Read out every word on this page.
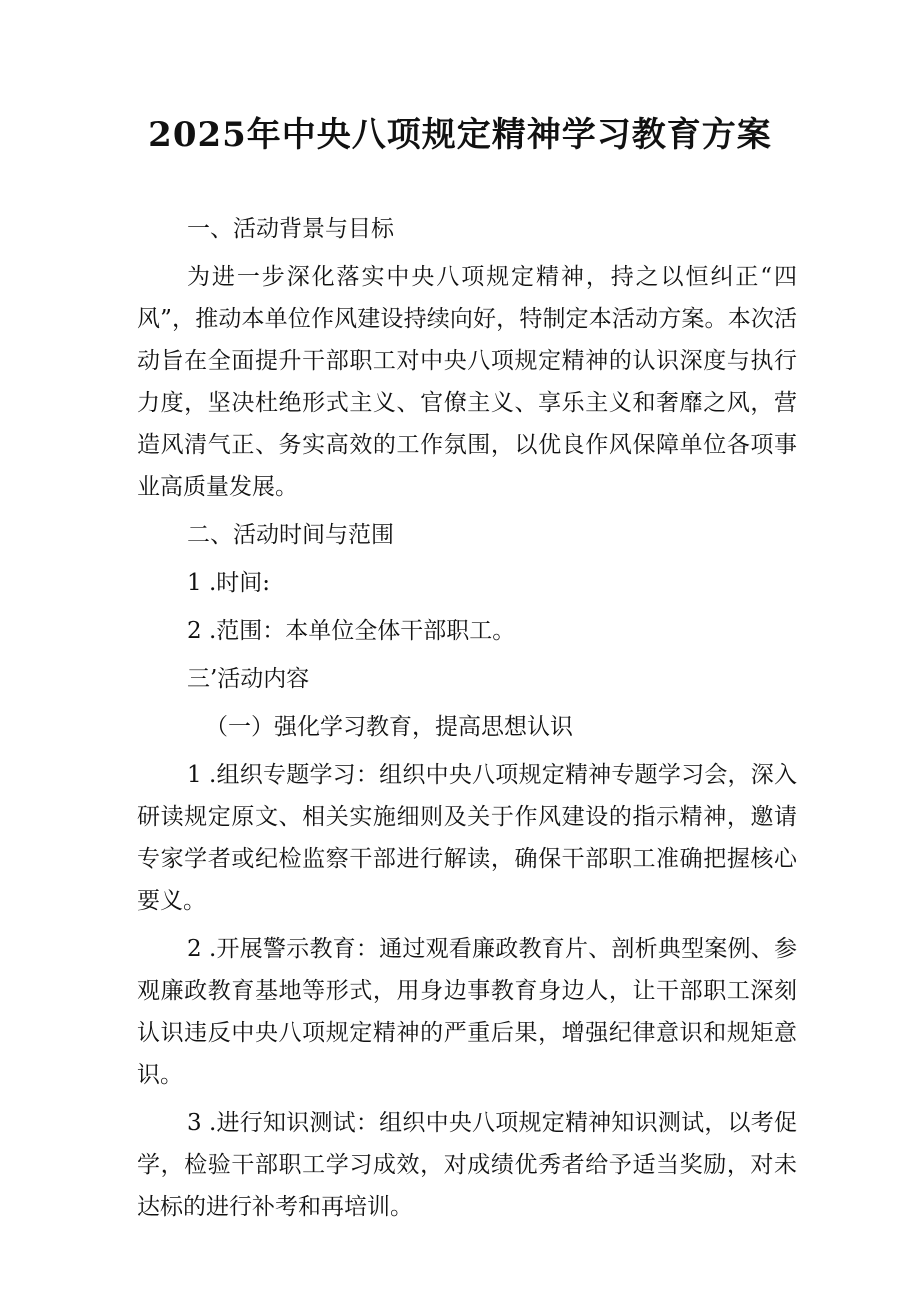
2025年中央八项规定精神学习教育方案

一、活动背景与目标

为进一步深化落实中央八项规定精神，持之以恒纠正“四风”，推动本单位作风建设持续向好，特制定本活动方案。本次活动旨在全面提升干部职工对中央八项规定精神的认识深度与执行力度，坚决杜绝形式主义、官僚主义、享乐主义和奢靡之风，营造风清气正、务实高效的工作氛围，以优良作风保障单位各项事业高质量发展。

二、活动时间与范围

1 .时间:

2 .范围：本单位全体干部职工。

三’活动内容

（一）强化学习教育，提高思想认识

1 .组织专题学习：组织中央八项规定精神专题学习会，深入研读规定原文、相关实施细则及关于作风建设的指示精神，邀请专家学者或纪检监察干部进行解读，确保干部职工准确把握核心要义。

2 .开展警示教育：通过观看廉政教育片、剖析典型案例、参观廉政教育基地等形式，用身边事教育身边人，让干部职工深刻认识违反中央八项规定精神的严重后果，增强纪律意识和规矩意识。

3 .进行知识测试：组织中央八项规定精神知识测试，以考促学，检验干部职工学习成效，对成绩优秀者给予适当奖励，对未达标的进行补考和再培训。
